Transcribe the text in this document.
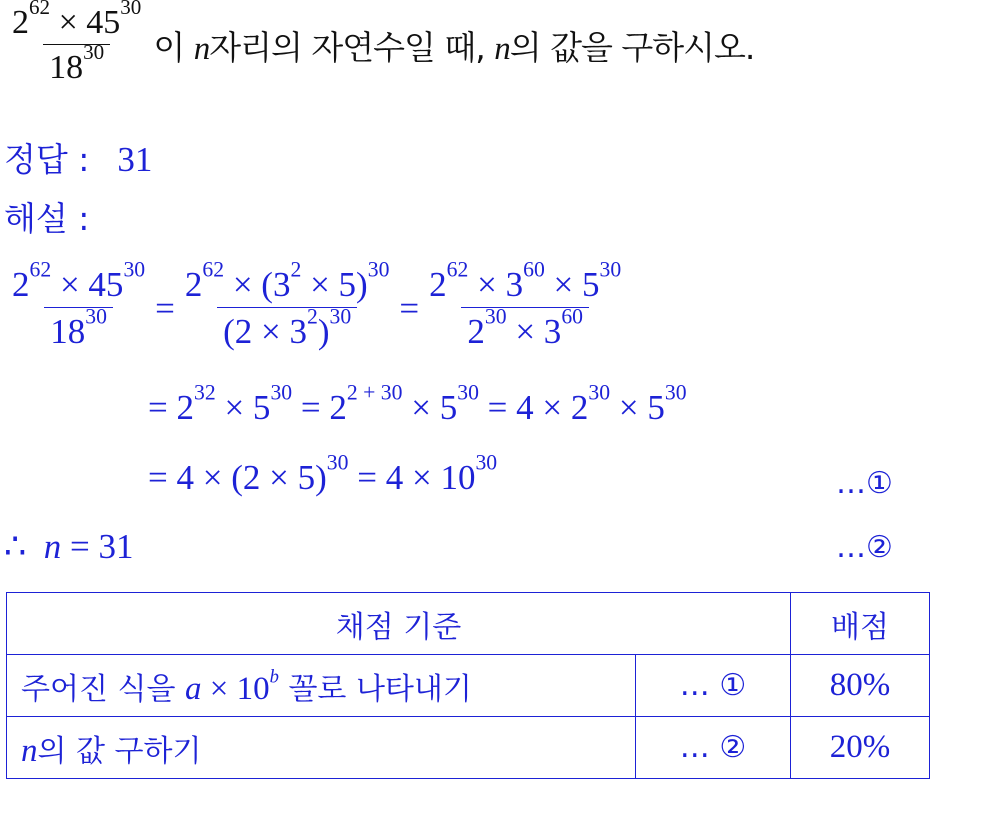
$\frac{2^{62} \times 45^{30}}{18^{30}}$ 이 n자리의 자연수일 때, n의 값을 구하시오.
정답 : 31
해설 :
$\frac{2^{62} \times 45^{30}}{18^{30}} = \frac{2^{62} \times (3^2 \times 5)^{30}}{(2 \times 3^2)^{30}} = \frac{2^{62} \times 3^{60} \times 5^{30}}{2^{30} \times 3^{60}}$
= $2^{32} \times 5^{30} = 2^{2 + 30} \times 5^{30} = 4 \times 2^{30} \times 5^{30}$
= $4 \times (2 \times 5)^{30} = 4 \times 10^{30}$
…①
∴  n = 31	…②
채점 기준		배점
주어진 식을 $a \times 10^b$ 꼴로 나타내기	… ①	80%
n의 값 구하기	… ②	20%
